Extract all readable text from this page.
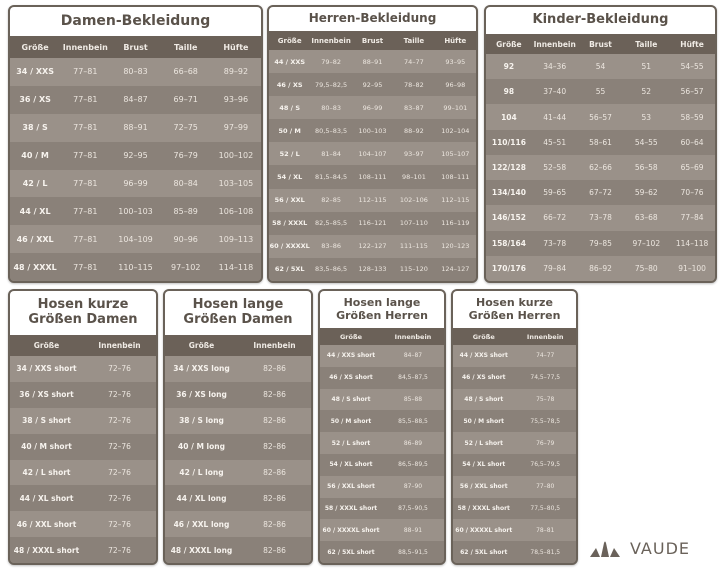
Damen-Bekleidung
Größe	Innenbein	Brust	Taille	Hüfte
34 / XXS	77–81	80–83	66–68	89–92
36 / XS	77–81	84–87	69–71	93–96
38 / S	77–81	88–91	72–75	97–99
40 / M	77–81	92–95	76–79	100–102
42 / L	77–81	96–99	80–84	103–105
44 / XL	77–81	100–103	85–89	106–108
46 / XXL	77–81	104–109	90–96	109–113
48 / XXXL	77–81	110–115	97–102	114–118
Herren-Bekleidung
Größe	Innenbein	Brust	Taille	Hüfte
44 / XXS	79–82	88–91	74–77	93–95
46 / XS	79,5–82,5	92–95	78–82	96–98
48 / S	80–83	96–99	83–87	99–101
50 / M	80,5–83,5	100–103	88–92	102–104
52 / L	81–84	104–107	93–97	105–107
54 / XL	81,5–84,5	108–111	98–101	108–111
56 / XXL	82–85	112–115	102–106	112–115
58 / XXXL	82,5–85,5	116–121	107–110	116–119
60 / XXXXL	83–86	122–127	111–115	120–123
62 / 5XL	83,5–86,5	128–133	115–120	124–127
Kinder-Bekleidung
Größe	Innenbein	Brust	Taille	Hüfte
92	34–36	54	51	54–55
98	37–40	55	52	56–57
104	41–44	56–57	53	58–59
110/116	45–51	58–61	54–55	60–64
122/128	52–58	62–66	56–58	65–69
134/140	59–65	67–72	59–62	70–76
146/152	66–72	73–78	63–68	77–84
158/164	73–78	79–85	97–102	114–118
170/176	79–84	86–92	75–80	91–100
Hosen kurze
Größen Damen
Größe	Innenbein
34 / XXS short	72–76
36 / XS short	72–76
38 / S short	72–76
40 / M short	72–76
42 / L short	72–76
44 / XL short	72–76
46 / XXL short	72–76
48 / XXXL short	72–76
Hosen lange
Größen Damen
Größe	Innenbein
34 / XXS long	82–86
36 / XS long	82–86
38 / S long	82–86
40 / M long	82–86
42 / L long	82–86
44 / XL long	82–86
46 / XXL long	82–86
48 / XXXL long	82–86
Hosen lange
Größen Herren
Größe	Innenbein
44 / XXS short	84–87
46 / XS short	84,5–87,5
48 / S short	85–88
50 / M short	85,5–88,5
52 / L short	86–89
54 / XL short	86,5–89,5
56 / XXL short	87–90
58 / XXXL short	87,5–90,5
60 / XXXXL short	88–91
62 / 5XL short	88,5–91,5
Hosen kurze
Größen Herren
Größe	Innenbein
44 / XXS short	74–77
46 / XS short	74,5–77,5
48 / S short	75–78
50 / M short	75,5–78,5
52 / L short	76–79
54 / XL short	76,5–79,5
56 / XXL short	77–80
58 / XXXL short	77,5–80,5
60 / XXXXL short	78–81
62 / 5XL short	78,5–81,5	VAUDE
